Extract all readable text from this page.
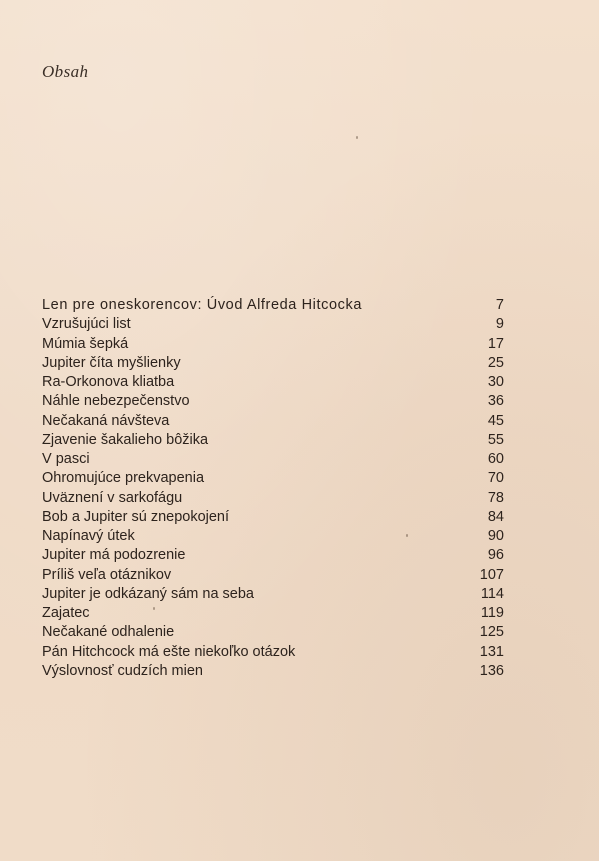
Obsah
Len pre oneskorencov: Úvod Alfreda Hitcocka	7
Vzrušujúci list	9
Múmia šepká	17
Jupiter číta myšlienky	25
Ra-Orkonova kliatba	30
Náhle nebezpečenstvo	36
Nečakaná návšteva	45
Zjavenie šakalieho bôžika	55
V pasci	60
Ohromujúce prekvapenia	70
Uväznení v sarkofágu	78
Bob a Jupiter sú znepokojení	84
Napínavý útek	90
Jupiter má podozrenie	96
Príliš veľa otáznikov	107
Jupiter je odkázaný sám na seba	114
Zajatec	119
Nečakané odhalenie	125
Pán Hitchcock má ešte niekoľko otázok	131
Výslovnosť cudzích mien	136
